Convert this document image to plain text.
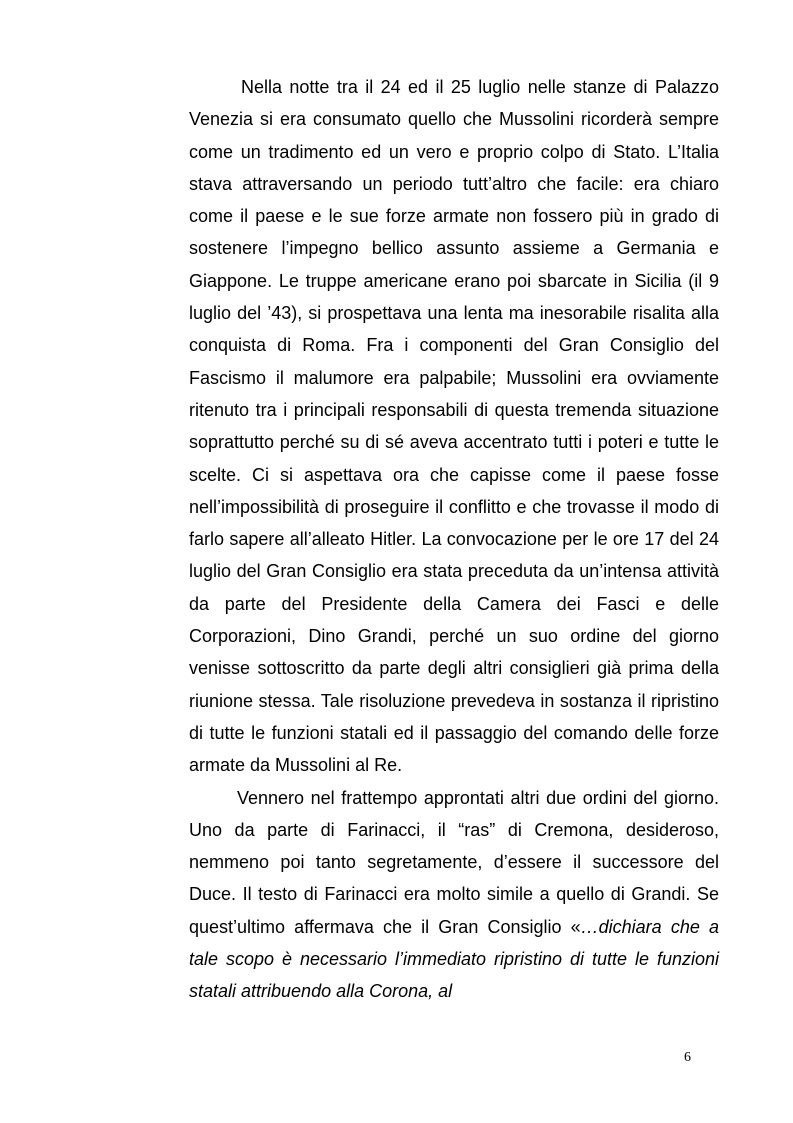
Nella notte tra il 24 ed il 25 luglio nelle stanze di Palazzo Venezia si era consumato quello che Mussolini ricorderà sempre come un tradimento ed un vero e proprio colpo di Stato. L’Italia stava attraversando un periodo tutt’altro che facile: era chiaro come il paese e le sue forze armate non fossero più in grado di sostenere l’impegno bellico assunto assieme a Germania e Giappone. Le truppe americane erano poi sbarcate in Sicilia (il 9 luglio del ’43), si prospettava una lenta ma inesorabile risalita alla conquista di Roma. Fra i componenti del Gran Consiglio del Fascismo il malumore era palpabile; Mussolini era ovviamente ritenuto tra i principali responsabili di questa tremenda situazione soprattutto perché su di sé aveva accentrato tutti i poteri e tutte le scelte. Ci si aspettava ora che capisse come il paese fosse nell’impossibilità di proseguire il conflitto e che trovasse il modo di farlo sapere all’alleato Hitler. La convocazione per le ore 17 del 24 luglio del Gran Consiglio era stata preceduta da un’intensa attività da parte del Presidente della Camera dei Fasci e delle Corporazioni, Dino Grandi, perché un suo ordine del giorno venisse sottoscritto da parte degli altri consiglieri già prima della riunione stessa. Tale risoluzione prevedeva in sostanza il ripristino di tutte le funzioni statali ed il passaggio del comando delle forze armate da Mussolini al Re.

Vennero nel frattempo approntati altri due ordini del giorno. Uno da parte di Farinacci, il “ras” di Cremona, desideroso, nemmeno poi tanto segretamente, d’essere il successore del Duce. Il testo di Farinacci era molto simile a quello di Grandi. Se quest’ultimo affermava che il Gran Consiglio «…dichiara che a tale scopo è necessario l’immediato ripristino di tutte le funzioni statali attribuendo alla Corona, al

6
